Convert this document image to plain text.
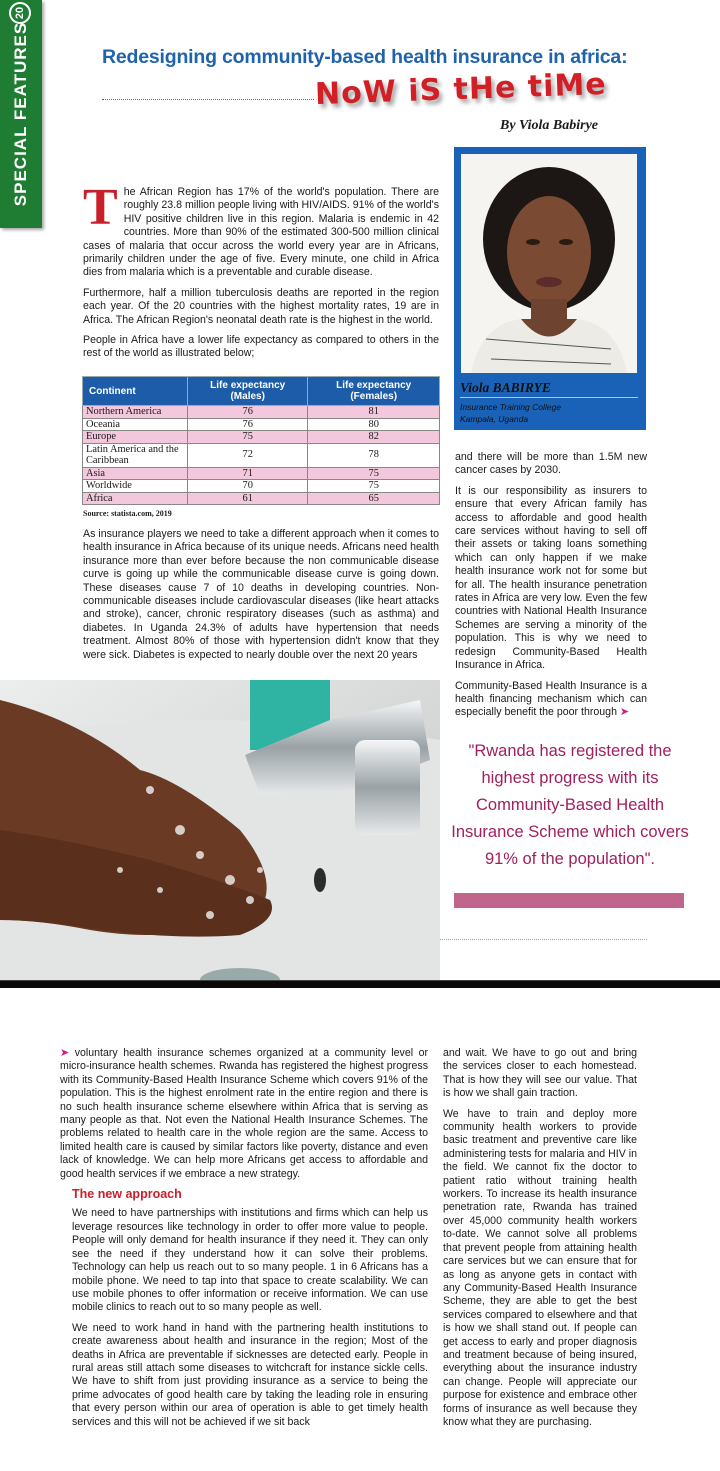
20
SPECIAL FEATURES	Redesigning community-based health insurance in africa:
NoW iS tHe tiMe
By Viola Babirye

The African Region has 17% of the world's population. There are roughly 23.8 million people living with HIV/AIDS. 91% of the world's HIV positive children live in this region. Malaria is endemic in 42 countries. More than 90% of the estimated 300-500 million clinical cases of malaria that occur across the world every year are in Africans, primarily children under the age of five. Every minute, one child in Africa dies from malaria which is a preventable and curable disease.

Furthermore, half a million tuberculosis deaths are reported in the region each year. Of the 20 countries with the highest mortality rates, 19 are in Africa. The African Region's neonatal death rate is the highest in the world.

People in Africa have a lower life expectancy as compared to others in the rest of the world as illustrated below;

Continent	Life expectancy (Males)	Life expectancy (Females)
Northern America	76	81
Oceania	76	80
Europe	75	82
Latin America and the Caribbean	72	78
Asia	71	75
Worldwide	70	75
Africa	61	65
Source: statista.com, 2019

As insurance players we need to take a different approach when it comes to health insurance in Africa because of its unique needs. Africans need health insurance more than ever before because the non communicable disease curve is going up while the communicable disease curve is going down. These diseases cause 7 of 10 deaths in developing countries. Non-communicable diseases include cardiovascular diseases (like heart attacks and stroke), cancer, chronic respiratory diseases (such as asthma) and diabetes. In Uganda 24.3% of adults have hypertension that needs treatment. Almost 80% of those with hypertension didn't know that they were sick. Diabetes is expected to nearly double over the next 20 years

Viola BABIRYE
Insurance Training College
Kampala, Uganda

and there will be more than 1.5M new cancer cases by 2030.

It is our responsibility as insurers to ensure that every African family has access to affordable and good health care services without having to sell off their assets or taking loans something which can only happen if we make health insurance work not for some but for all. The health insurance penetration rates in Africa are very low. Even the few countries with National Health Insurance Schemes are serving a minority of the population. This is why we need to redesign Community-Based Health Insurance in Africa.

Community-Based Health Insurance is a health financing mechanism which can especially benefit the poor through ➤

"Rwanda has registered the highest progress with its Community-Based Health Insurance Scheme which covers 91% of the population".

➤ voluntary health insurance schemes organized at a community level or micro-insurance health schemes. Rwanda has registered the highest progress with its Community-Based Health Insurance Scheme which covers 91% of the population. This is the highest enrolment rate in the entire region and there is no such health insurance scheme elsewhere within Africa that is serving as many people as that. Not even the National Health Insurance Schemes. The problems related to health care in the whole region are the same. Access to limited health care is caused by similar factors like poverty, distance and even lack of knowledge. We can help more Africans get access to affordable and good health services if we embrace a new strategy.

The new approach

We need to have partnerships with institutions and firms which can help us leverage resources like technology in order to offer more value to people. People will only demand for health insurance if they need it. They can only see the need if they understand how it can solve their problems. Technology can help us reach out to so many people. 1 in 6 Africans has a mobile phone. We need to tap into that space to create scalability. We can use mobile phones to offer information or receive information. We can use mobile clinics to reach out to so many people as well.

We need to work hand in hand with the partnering health institutions to create awareness about health and insurance in the region; Most of the deaths in Africa are preventable if sicknesses are detected early. People in rural areas still attach some diseases to witchcraft for instance sickle cells. We have to shift from just providing insurance as a service to being the prime advocates of good health care by taking the leading role in ensuring that every person within our area of operation is able to get timely health services and this will not be achieved if we sit back

and wait. We have to go out and bring the services closer to each homestead. That is how they will see our value. That is how we shall gain traction.

We have to train and deploy more community health workers to provide basic treatment and preventive care like administering tests for malaria and HIV in the field. We cannot fix the doctor to patient ratio without training health workers. To increase its health insurance penetration rate, Rwanda has trained over 45,000 community health workers to-date. We cannot solve all problems that prevent people from attaining health care services but we can ensure that for as long as anyone gets in contact with any Community-Based Health Insurance Scheme, they are able to get the best services compared to elsewhere and that is how we shall stand out. If people can get access to early and proper diagnosis and treatment because of being insured, everything about the insurance industry can change. People will appreciate our purpose for existence and embrace other forms of insurance as well because they know what they are purchasing.
